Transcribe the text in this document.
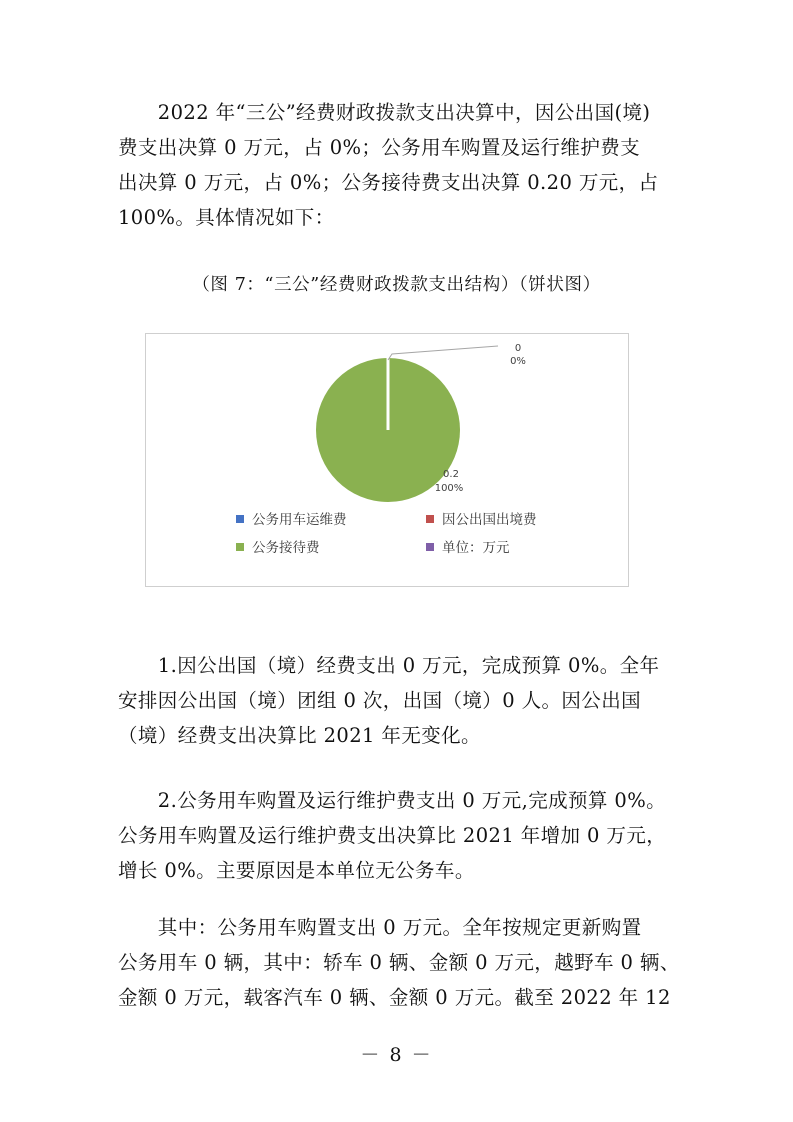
　　2022 年“三公”经费财政拨款支出决算中，因公出国(境)
费支出决算 0 万元，占 0%；公务用车购置及运行维护费支
出决算 0 万元，占 0%；公务接待费支出决算 0.20 万元，占
100%。具体情况如下：
（图 7：“三公”经费财政拨款支出结构）（饼状图）
0
0%
0.2
100%
公务用车运维费	因公出国出境费
公务接待费	单位：万元
　　1.因公出国（境）经费支出 0 万元，完成预算 0%。全年
安排因公出国（境）团组 0 次，出国（境）0 人。因公出国
（境）经费支出决算比 2021 年无变化。
　　2.公务用车购置及运行维护费支出 0 万元,完成预算 0%。
公务用车购置及运行维护费支出决算比 2021 年增加 0 万元，
增长 0%。主要原因是本单位无公务车。
　　其中：公务用车购置支出 0 万元。全年按规定更新购置
公务用车 0 辆，其中：轿车 0 辆、金额 0 万元，越野车 0 辆、
金额 0 万元，载客汽车 0 辆、金额 0 万元。截至 2022 年 12
－ 8 －
